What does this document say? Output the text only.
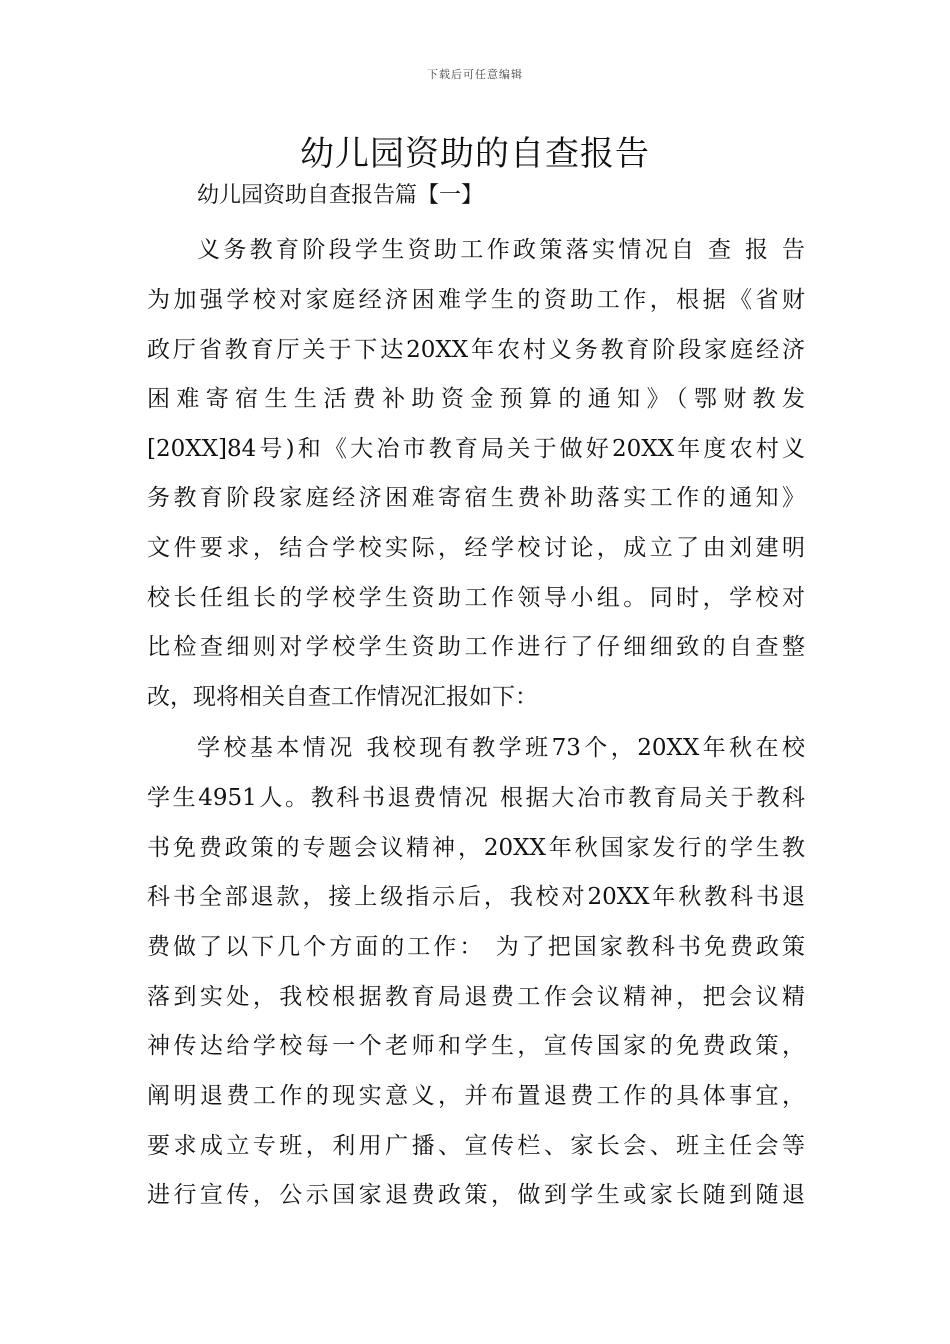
下载后可任意编辑
幼儿园资助的自查报告
幼儿园资助自查报告篇【一】
义务教育阶段学生资助工作政策落实情况自 查 报 告
为加强学校对家庭经济困难学生的资助工作，根据《省财
政厅省教育厅关于下达20XX年农村义务教育阶段家庭经济
困难寄宿生生活费补助资金预算的通知》（鄂财教发
[20XX]84号)和《大冶市教育局关于做好20XX年度农村义
务教育阶段家庭经济困难寄宿生费补助落实工作的通知》
文件要求，结合学校实际，经学校讨论，成立了由刘建明
校长任组长的学校学生资助工作领导小组。同时，学校对
比检查细则对学校学生资助工作进行了仔细细致的自查整
改，现将相关自查工作情况汇报如下：
学校基本情况 我校现有教学班73个，20XX年秋在校
学生4951人。教科书退费情况 根据大冶市教育局关于教科
书免费政策的专题会议精神，20XX年秋国家发行的学生教
科书全部退款，接上级指示后，我校对20XX年秋教科书退
费做了以下几个方面的工作： 为了把国家教科书免费政策
落到实处，我校根据教育局退费工作会议精神，把会议精
神传达给学校每一个老师和学生，宣传国家的免费政策，
阐明退费工作的现实意义，并布置退费工作的具体事宜，
要求成立专班，利用广播、宣传栏、家长会、班主任会等
进行宣传，公示国家退费政策，做到学生或家长随到随退
